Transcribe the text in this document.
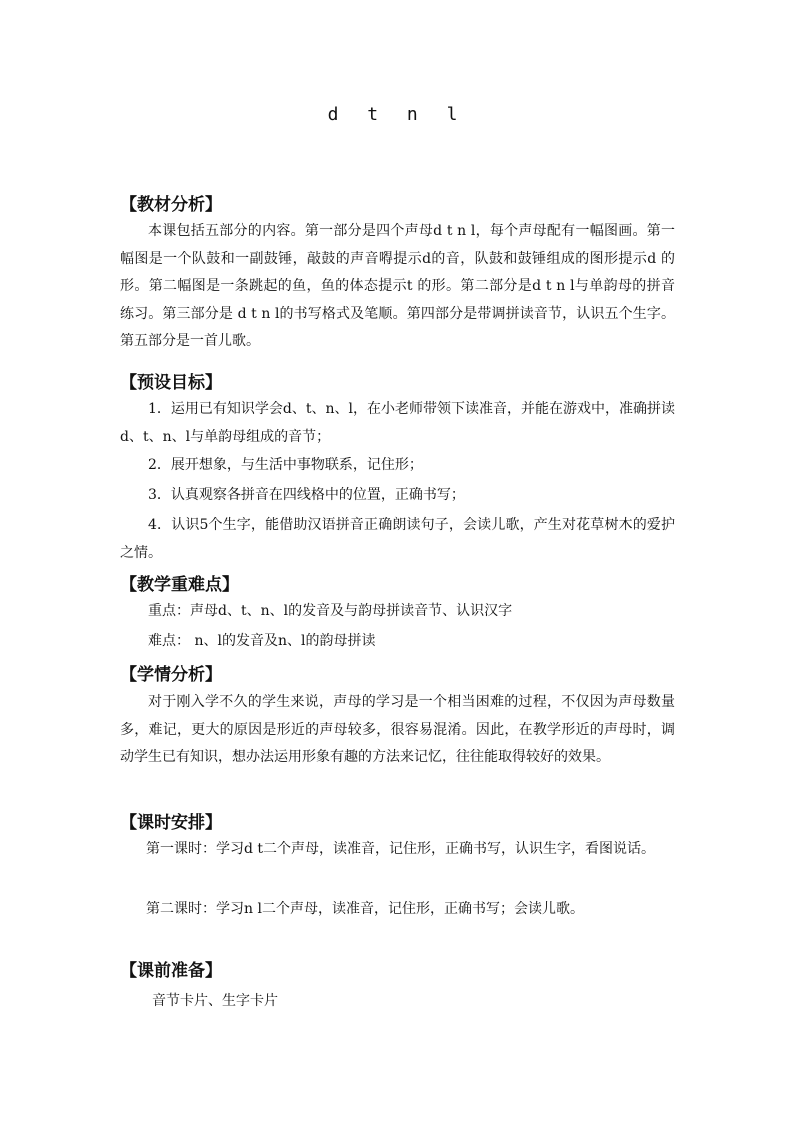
d t n l
【教材分析】
本课包括五部分的内容。第一部分是四个声母d t n l，每个声母配有一幅图画。第一幅图是一个队鼓和一副鼓锤，敲鼓的声音嘚提示d的音，队鼓和鼓锤组成的图形提示d 的形。第二幅图是一条跳起的鱼，鱼的体态提示t 的形。第二部分是d t n l与单韵母的拼音练习。第三部分是 d t n l的书写格式及笔顺。第四部分是带调拼读音节，认识五个生字。第五部分是一首儿歌。
【预设目标】
1．运用已有知识学会d、t、n、l，在小老师带领下读准音，并能在游戏中，准确拼读d、t、n、l与单韵母组成的音节；
2．展开想象，与生活中事物联系，记住形；
3．认真观察各拼音在四线格中的位置，正确书写；
4．认识5个生字，能借助汉语拼音正确朗读句子，会读儿歌，产生对花草树木的爱护之情。
【教学重难点】
重点：声母d、t、n、l的发音及与韵母拼读音节、认识汉字
难点： n、l的发音及n、l的韵母拼读
【学情分析】
对于刚入学不久的学生来说，声母的学习是一个相当困难的过程，不仅因为声母数量多，难记，更大的原因是形近的声母较多，很容易混淆。因此，在教学形近的声母时，调动学生已有知识，想办法运用形象有趣的方法来记忆，往往能取得较好的效果。
【课时安排】
第一课时：学习d t二个声母，读准音，记住形，正确书写，认识生字，看图说话。
第二课时：学习n l二个声母，读准音，记住形，正确书写；会读儿歌。
【课前准备】
音节卡片、生字卡片
